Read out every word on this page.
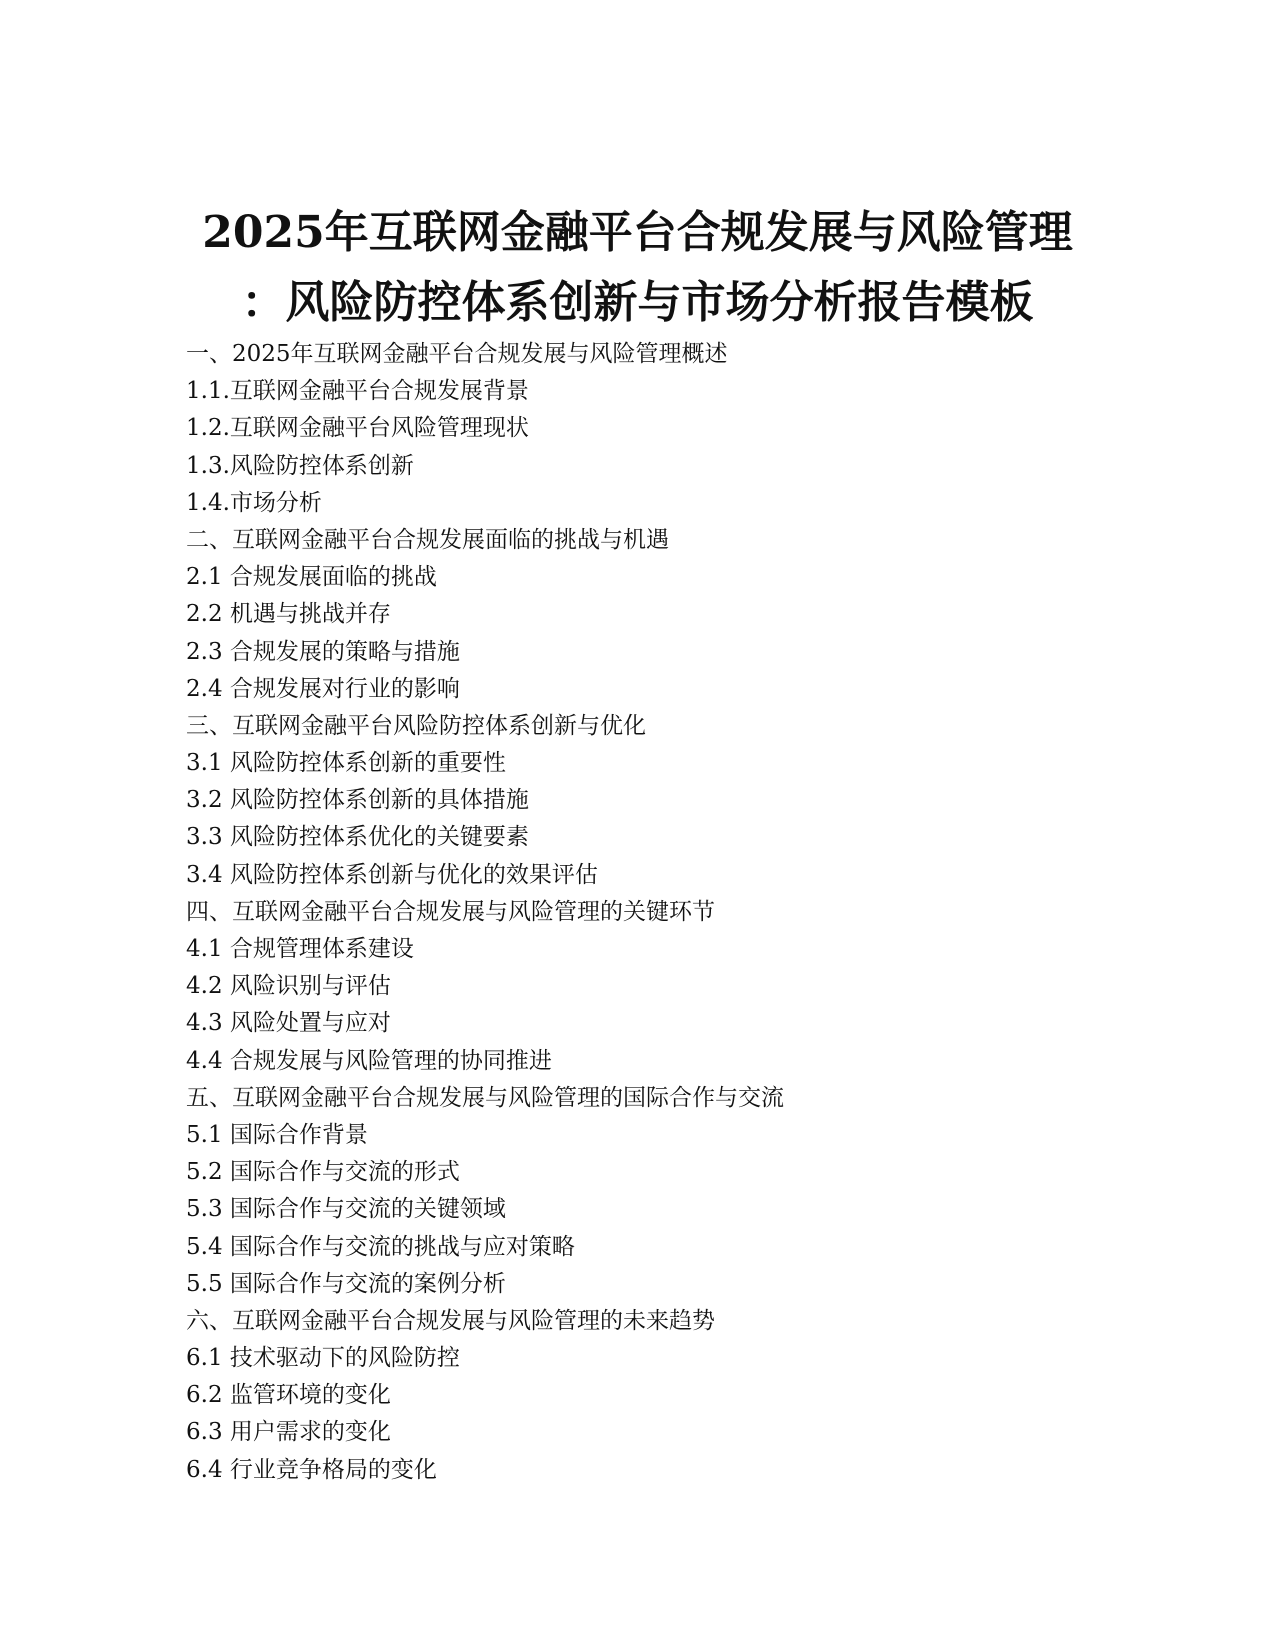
2025年互联网金融平台合规发展与风险管理
：风险防控体系创新与市场分析报告模板
一、2025年互联网金融平台合规发展与风险管理概述
1.1.互联网金融平台合规发展背景
1.2.互联网金融平台风险管理现状
1.3.风险防控体系创新
1.4.市场分析
二、互联网金融平台合规发展面临的挑战与机遇
2.1 合规发展面临的挑战
2.2 机遇与挑战并存
2.3 合规发展的策略与措施
2.4 合规发展对行业的影响
三、互联网金融平台风险防控体系创新与优化
3.1 风险防控体系创新的重要性
3.2 风险防控体系创新的具体措施
3.3 风险防控体系优化的关键要素
3.4 风险防控体系创新与优化的效果评估
四、互联网金融平台合规发展与风险管理的关键环节
4.1 合规管理体系建设
4.2 风险识别与评估
4.3 风险处置与应对
4.4 合规发展与风险管理的协同推进
五、互联网金融平台合规发展与风险管理的国际合作与交流
5.1 国际合作背景
5.2 国际合作与交流的形式
5.3 国际合作与交流的关键领域
5.4 国际合作与交流的挑战与应对策略
5.5 国际合作与交流的案例分析
六、互联网金融平台合规发展与风险管理的未来趋势
6.1 技术驱动下的风险防控
6.2 监管环境的变化
6.3 用户需求的变化
6.4 行业竞争格局的变化
